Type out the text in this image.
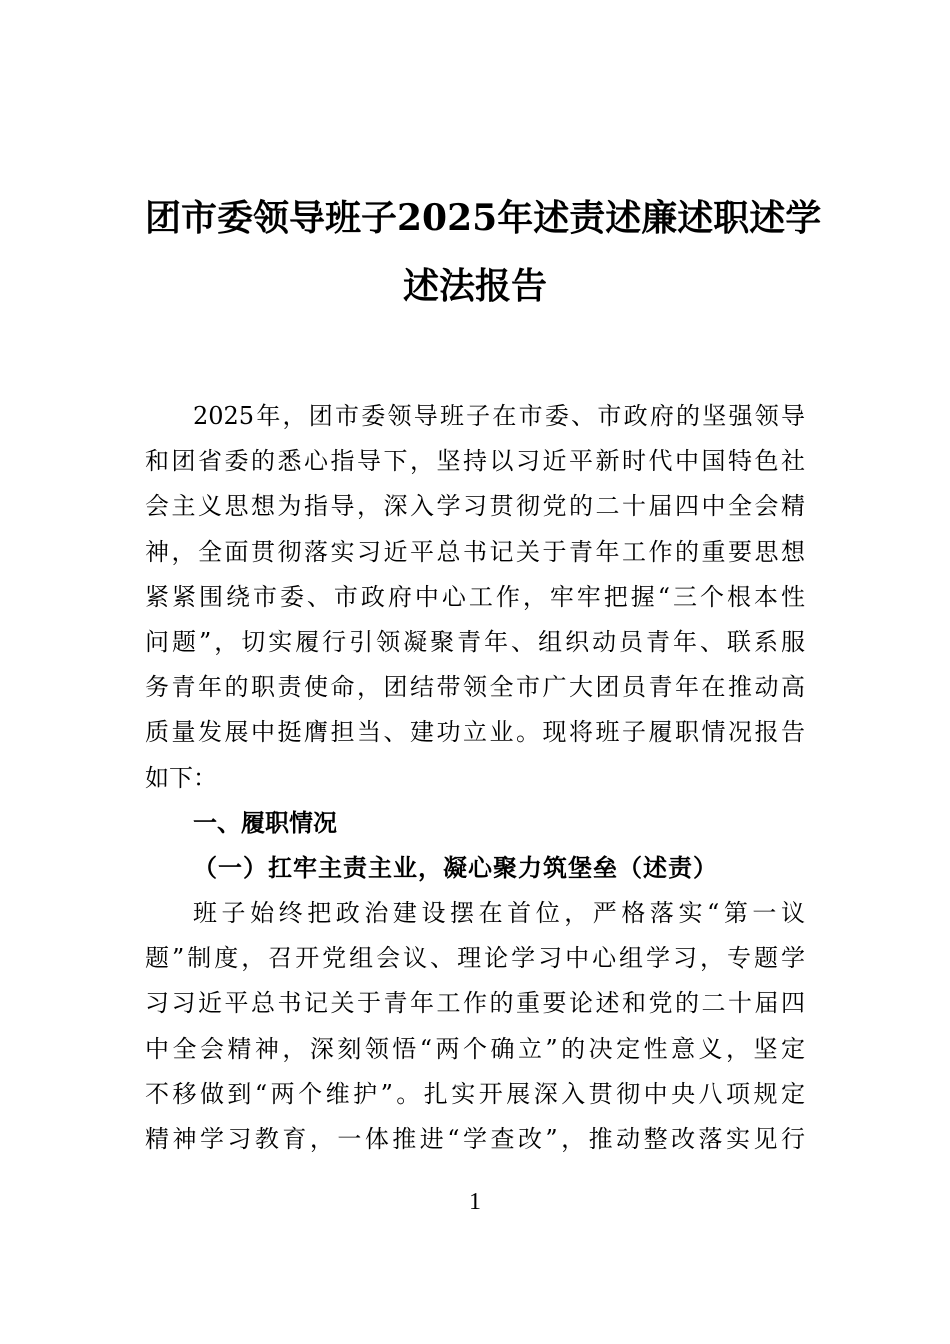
团市委领导班子2025年述责述廉述职述学
述法报告
2025年，团市委领导班子在市委、市政府的坚强领导
和团省委的悉心指导下，坚持以习近平新时代中国特色社
会主义思想为指导，深入学习贯彻党的二十届四中全会精
神，全面贯彻落实习近平总书记关于青年工作的重要思想
紧紧围绕市委、市政府中心工作，牢牢把握“三个根本性
问题”，切实履行引领凝聚青年、组织动员青年、联系服
务青年的职责使命，团结带领全市广大团员青年在推动高
质量发展中挺膺担当、建功立业。现将班子履职情况报告
如下：
一、履职情况
（一）扛牢主责主业，凝心聚力筑堡垒（述责）
班子始终把政治建设摆在首位，严格落实“第一议
题”制度，召开党组会议、理论学习中心组学习，专题学
习习近平总书记关于青年工作的重要论述和党的二十届四
中全会精神，深刻领悟“两个确立”的决定性意义，坚定
不移做到“两个维护”。扎实开展深入贯彻中央八项规定
精神学习教育，一体推进“学查改”，推动整改落实见行
1
